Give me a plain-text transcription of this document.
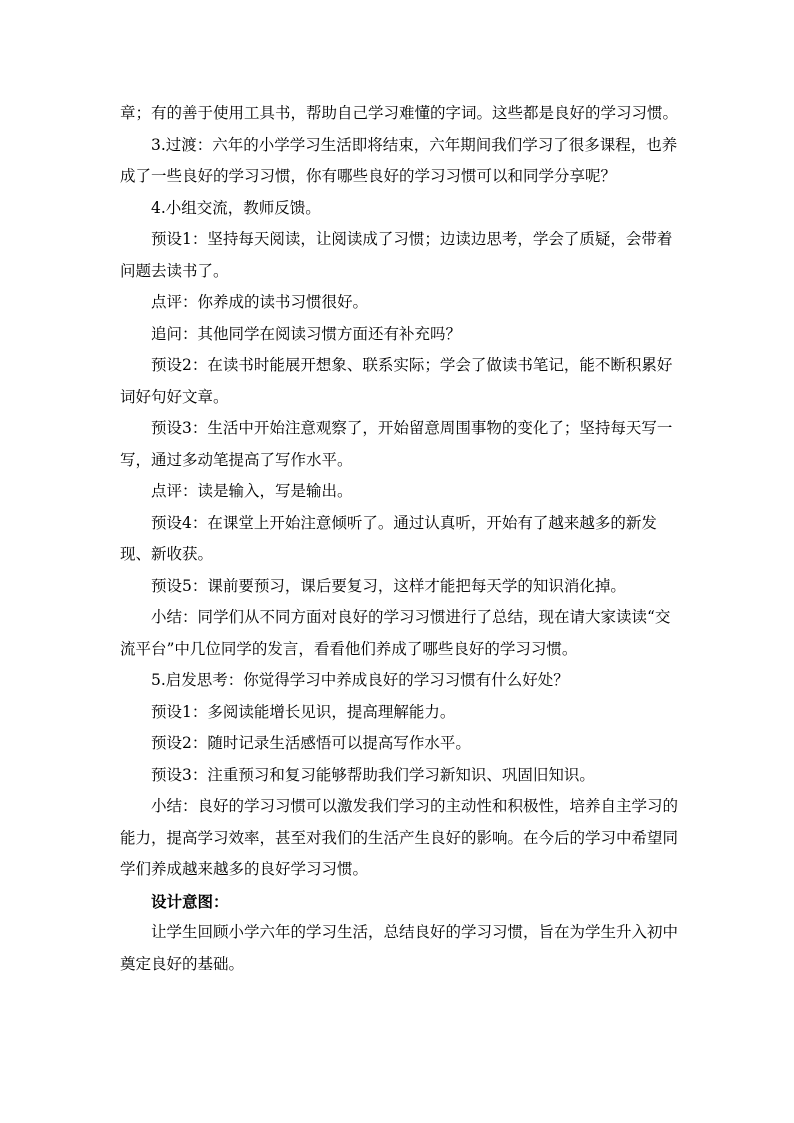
章；有的善于使用工具书，帮助自己学习难懂的字词。这些都是良好的学习习惯。

3.过渡：六年的小学学习生活即将结束，六年期间我们学习了很多课程，也养成了一些良好的学习习惯，你有哪些良好的学习习惯可以和同学分享呢？

4.小组交流，教师反馈。

预设1：坚持每天阅读，让阅读成了习惯；边读边思考，学会了质疑，会带着问题去读书了。

点评：你养成的读书习惯很好。

追问：其他同学在阅读习惯方面还有补充吗？

预设2：在读书时能展开想象、联系实际；学会了做读书笔记，能不断积累好词好句好文章。

预设3：生活中开始注意观察了，开始留意周围事物的变化了；坚持每天写一写，通过多动笔提高了写作水平。

点评：读是输入，写是输出。

预设4：在课堂上开始注意倾听了。通过认真听，开始有了越来越多的新发现、新收获。

预设5：课前要预习，课后要复习，这样才能把每天学的知识消化掉。

小结：同学们从不同方面对良好的学习习惯进行了总结，现在请大家读读“交流平台”中几位同学的发言，看看他们养成了哪些良好的学习习惯。

5.启发思考：你觉得学习中养成良好的学习习惯有什么好处？

预设1：多阅读能增长见识，提高理解能力。

预设2：随时记录生活感悟可以提高写作水平。

预设3：注重预习和复习能够帮助我们学习新知识、巩固旧知识。

小结：良好的学习习惯可以激发我们学习的主动性和积极性，培养自主学习的能力，提高学习效率，甚至对我们的生活产生良好的影响。在今后的学习中希望同学们养成越来越多的良好学习习惯。

设计意图：

让学生回顾小学六年的学习生活，总结良好的学习习惯，旨在为学生升入初中奠定良好的基础。
